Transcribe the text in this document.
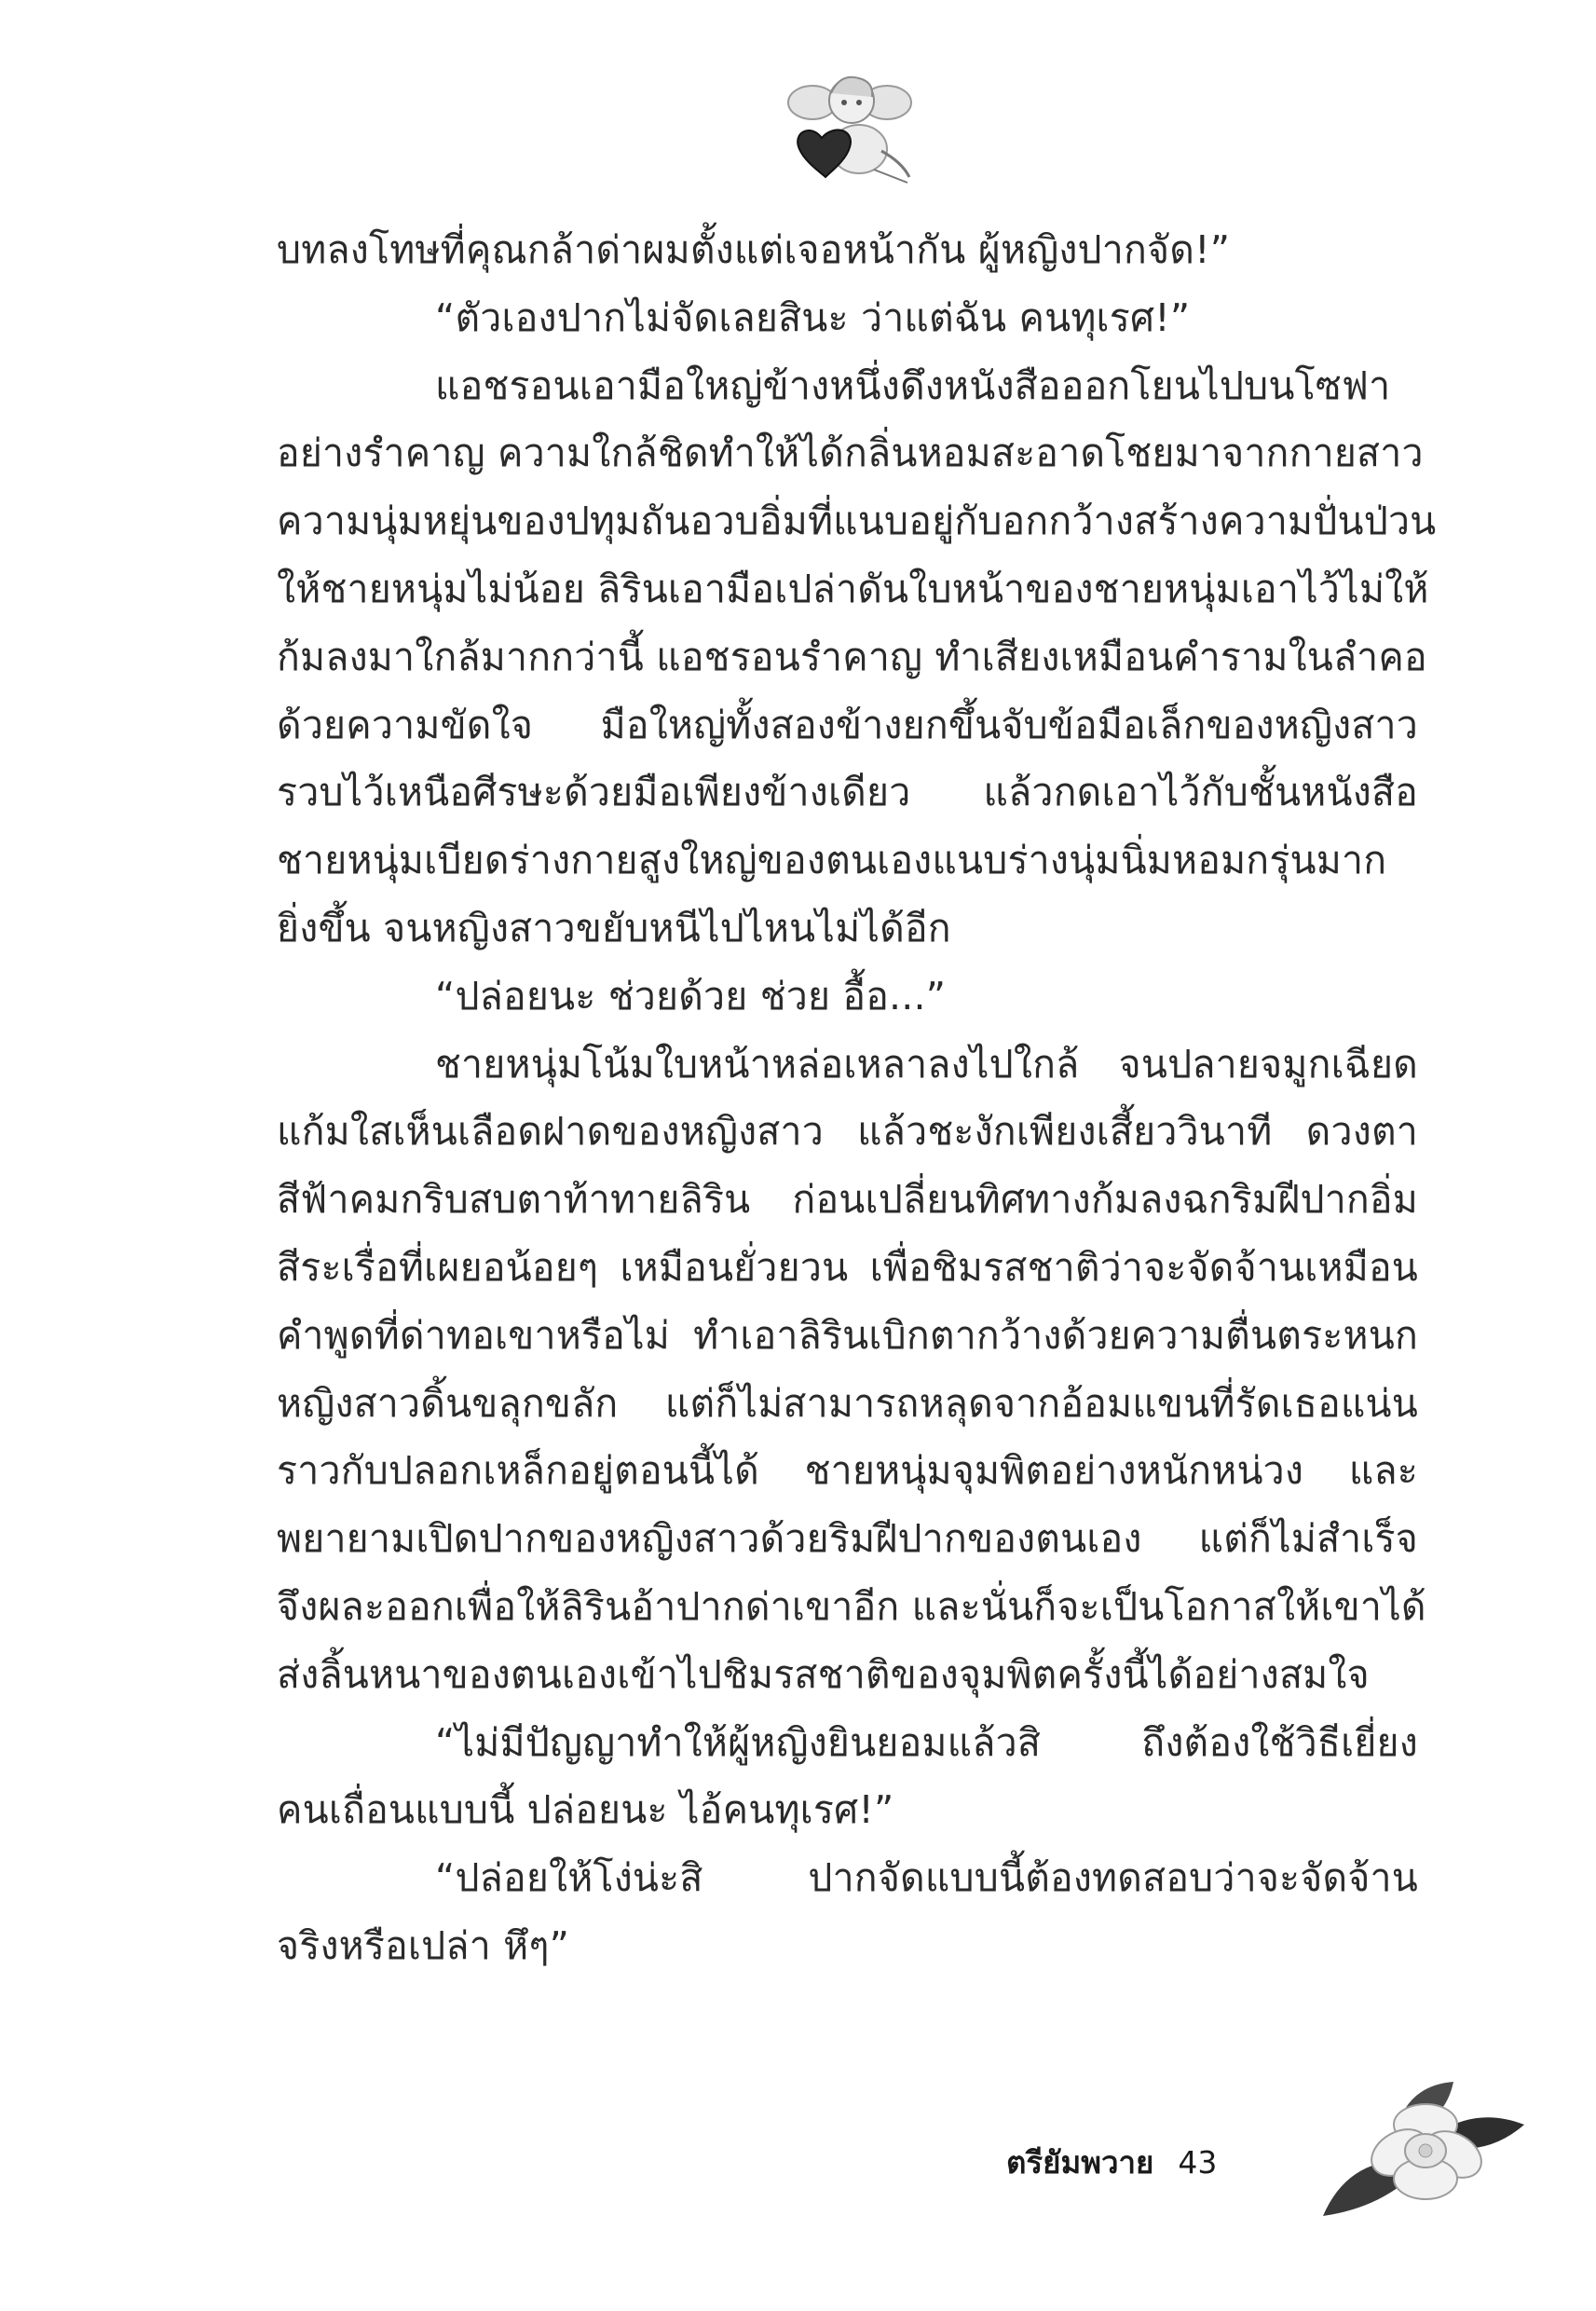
บทลงโทษที่คุณกล้าด่าผมตั้งแต่เจอหน้ากัน ผู้หญิงปากจัด!”
“ตัวเองปากไม่จัดเลยสินะ ว่าแต่ฉัน คนทุเรศ!”
แอชรอนเอามือใหญ่ข้างหนึ่งดึงหนังสือออกโยนไปบนโซฟา
อย่างรำคาญ ความใกล้ชิดทำให้ได้กลิ่นหอมสะอาดโชยมาจากกายสาว
ความนุ่มหยุ่นของปทุมถันอวบอิ่มที่แนบอยู่กับอกกว้างสร้างความปั่นป่วน
ให้ชายหนุ่มไม่น้อย ลิรินเอามือเปล่าดันใบหน้าของชายหนุ่มเอาไว้ไม่ให้
ก้มลงมาใกล้มากกว่านี้ แอชรอนรำคาญ ทำเสียงเหมือนคำรามในลำคอ
ด้วยความขัดใจ มือใหญ่ทั้งสองข้างยกขึ้นจับข้อมือเล็กของหญิงสาว
รวบไว้เหนือศีรษะด้วยมือเพียงข้างเดียว แล้วกดเอาไว้กับชั้นหนังสือ
ชายหนุ่มเบียดร่างกายสูงใหญ่ของตนเองแนบร่างนุ่มนิ่มหอมกรุ่นมาก
ยิ่งขึ้น จนหญิงสาวขยับหนีไปไหนไม่ได้อีก
“ปล่อยนะ ช่วยด้วย ช่วย อื้อ...”
ชายหนุ่มโน้มใบหน้าหล่อเหลาลงไปใกล้ จนปลายจมูกเฉียด
แก้มใสเห็นเลือดฝาดของหญิงสาว แล้วชะงักเพียงเสี้ยววินาที ดวงตา
สีฟ้าคมกริบสบตาท้าทายลิริน ก่อนเปลี่ยนทิศทางก้มลงฉกริมฝีปากอิ่ม
สีระเรื่อที่เผยอน้อยๆ เหมือนยั่วยวน เพื่อชิมรสชาติว่าจะจัดจ้านเหมือน
คำพูดที่ด่าทอเขาหรือไม่ ทำเอาลิรินเบิกตากว้างด้วยความตื่นตระหนก
หญิงสาวดิ้นขลุกขลัก แต่ก็ไม่สามารถหลุดจากอ้อมแขนที่รัดเธอแน่น
ราวกับปลอกเหล็กอยู่ตอนนี้ได้ ชายหนุ่มจุมพิตอย่างหนักหน่วง และ
พยายามเปิดปากของหญิงสาวด้วยริมฝีปากของตนเอง แต่ก็ไม่สำเร็จ
จึงผละออกเพื่อให้ลิรินอ้าปากด่าเขาอีก และนั่นก็จะเป็นโอกาสให้เขาได้
ส่งลิ้นหนาของตนเองเข้าไปชิมรสชาติของจุมพิตครั้งนี้ได้อย่างสมใจ
“ไม่มีปัญญาทำให้ผู้หญิงยินยอมแล้วสิ ถึงต้องใช้วิธีเยี่ยง
คนเถื่อนแบบนี้ ปล่อยนะ ไอ้คนทุเรศ!”
“ปล่อยให้โง่น่ะสิ ปากจัดแบบนี้ต้องทดสอบว่าจะจัดจ้าน
จริงหรือเปล่า หึๆ”
ตรียัมพวาย 43
